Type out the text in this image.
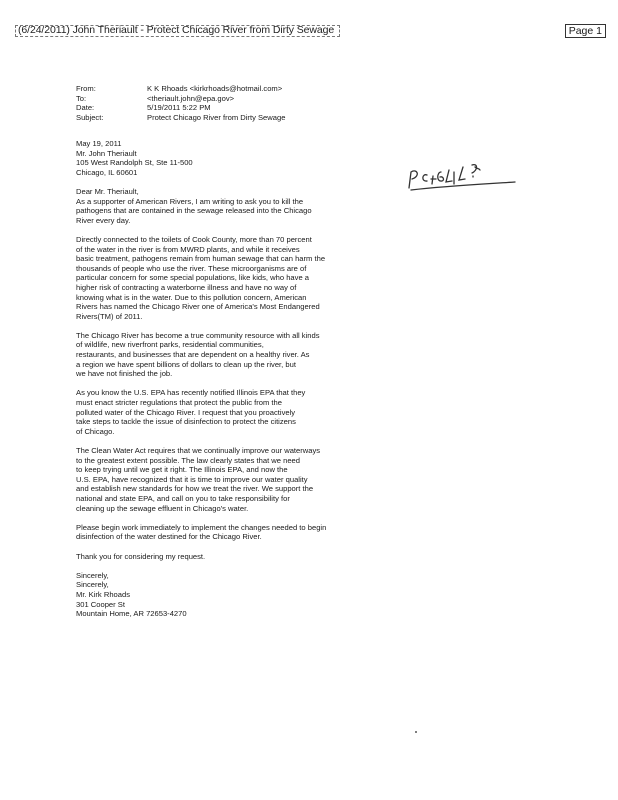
(6/24/2011) John Theriault - Protect Chicago River from Dirty Sewage	Page 1
From:	K K Rhoads <kirkrhoads@hotmail.com>
To:	<theriault.john@epa.gov>
Date:	5/19/2011 5:22 PM
Subject:	Protect Chicago River from Dirty Sewage

May 19, 2011

Mr. John Theriault

105 West Randolph St, Ste 11-500

Chicago, IL 60601

Dear Mr. Theriault,

As a supporter of American Rivers, I am writing to ask you to kill the

pathogens that are contained in the sewage released into the Chicago

River every day.

Directly connected to the toilets of Cook County, more than 70 percent

of the water in the river is from MWRD plants, and while it receives

basic treatment, pathogens remain from human sewage that can harm the

thousands of people who use the river. These microorganisms are of

particular concern for some special populations, like kids, who have a

higher risk of contracting a waterborne illness and have no way of

knowing what is in the water. Due to this pollution concern, American

Rivers has named the Chicago River one of America's Most Endangered

Rivers(TM) of 2011.

The Chicago River has become a true community resource with all kinds

of wildlife, new riverfront parks, residential communities,

restaurants, and businesses that are dependent on a healthy river. As

a region we have spent billions of dollars to clean up the river, but

we have not finished the job.

As you know the U.S. EPA has recently notified Illinois EPA that they

must enact stricter regulations that protect the public from the

polluted water of the Chicago River. I request that you proactively

take steps to tackle the issue of disinfection to protect the citizens

of Chicago.

The Clean Water Act requires that we continually improve our waterways

to the greatest extent possible. The law clearly states that we need

to keep trying until we get it right. The Illinois EPA, and now the

U.S. EPA, have recognized that it is time to improve our water quality

and establish new standards for how we treat the river. We support the

national and state EPA, and call on you to take responsibility for

cleaning up the sewage effluent in Chicago's water.

Please begin work immediately to implement the changes needed to begin

disinfection of the water destined for the Chicago River.

Thank you for considering my request.

Sincerely,

Sincerely,

Mr. Kirk Rhoads

301 Cooper St

Mountain Home, AR 72653-4270
